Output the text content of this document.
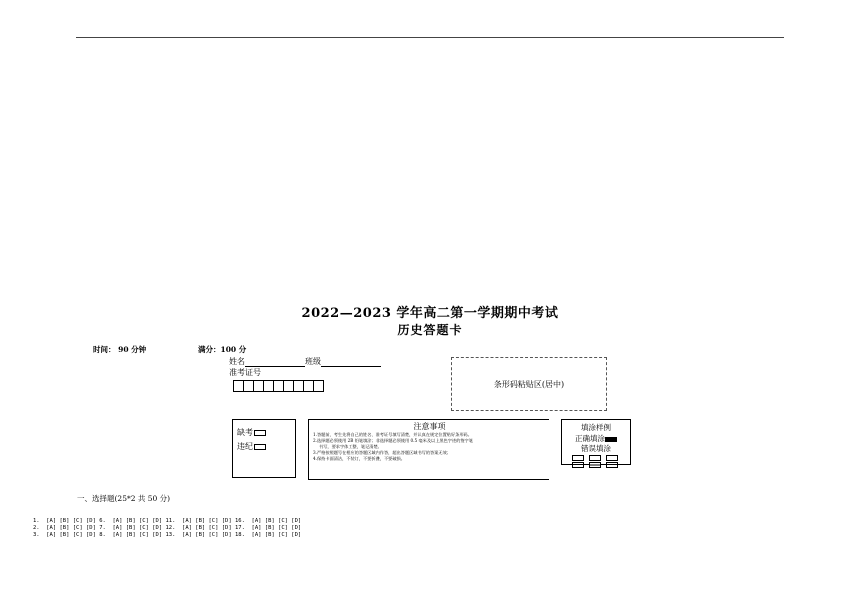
2022—2023 学年高二第一学期期中考试
历史答题卡
时间： 90 分钟	满分：100 分
姓名	班级
准考证号
条形码粘贴区(居中)
缺考
违纪
注意事项
1.答题前，考生先将自己的姓名、准考证号填写清楚，并认真在规定位置贴好条形码。
2.选择题必须使用 2B 铅笔填涂；非选择题必须使用 0.5 毫米及以上黑色字迹的签字笔
书写，要求字体工整，笔记清楚。
3.严格按照题号在相应的答题区域内作答，超出答题区域书写的答案无效；
4.保持卡面清洁，不装订，不要折叠，不要破损。
填涂样例
正确填涂
错误填涂
一、选择题(25*2 共 50 分)
1.  [A] [B] [C] [D] 6.  [A] [B] [C] [D] 11.  [A] [B] [C] [D] 16.  [A] [B] [C] [D]
2.  [A] [B] [C] [D] 7.  [A] [B] [C] [D] 12.  [A] [B] [C] [D] 17.  [A] [B] [C] [D]
3.  [A] [B] [C] [D] 8.  [A] [B] [C] [D] 13.  [A] [B] [C] [D] 18.  [A] [B] [C] [D]
